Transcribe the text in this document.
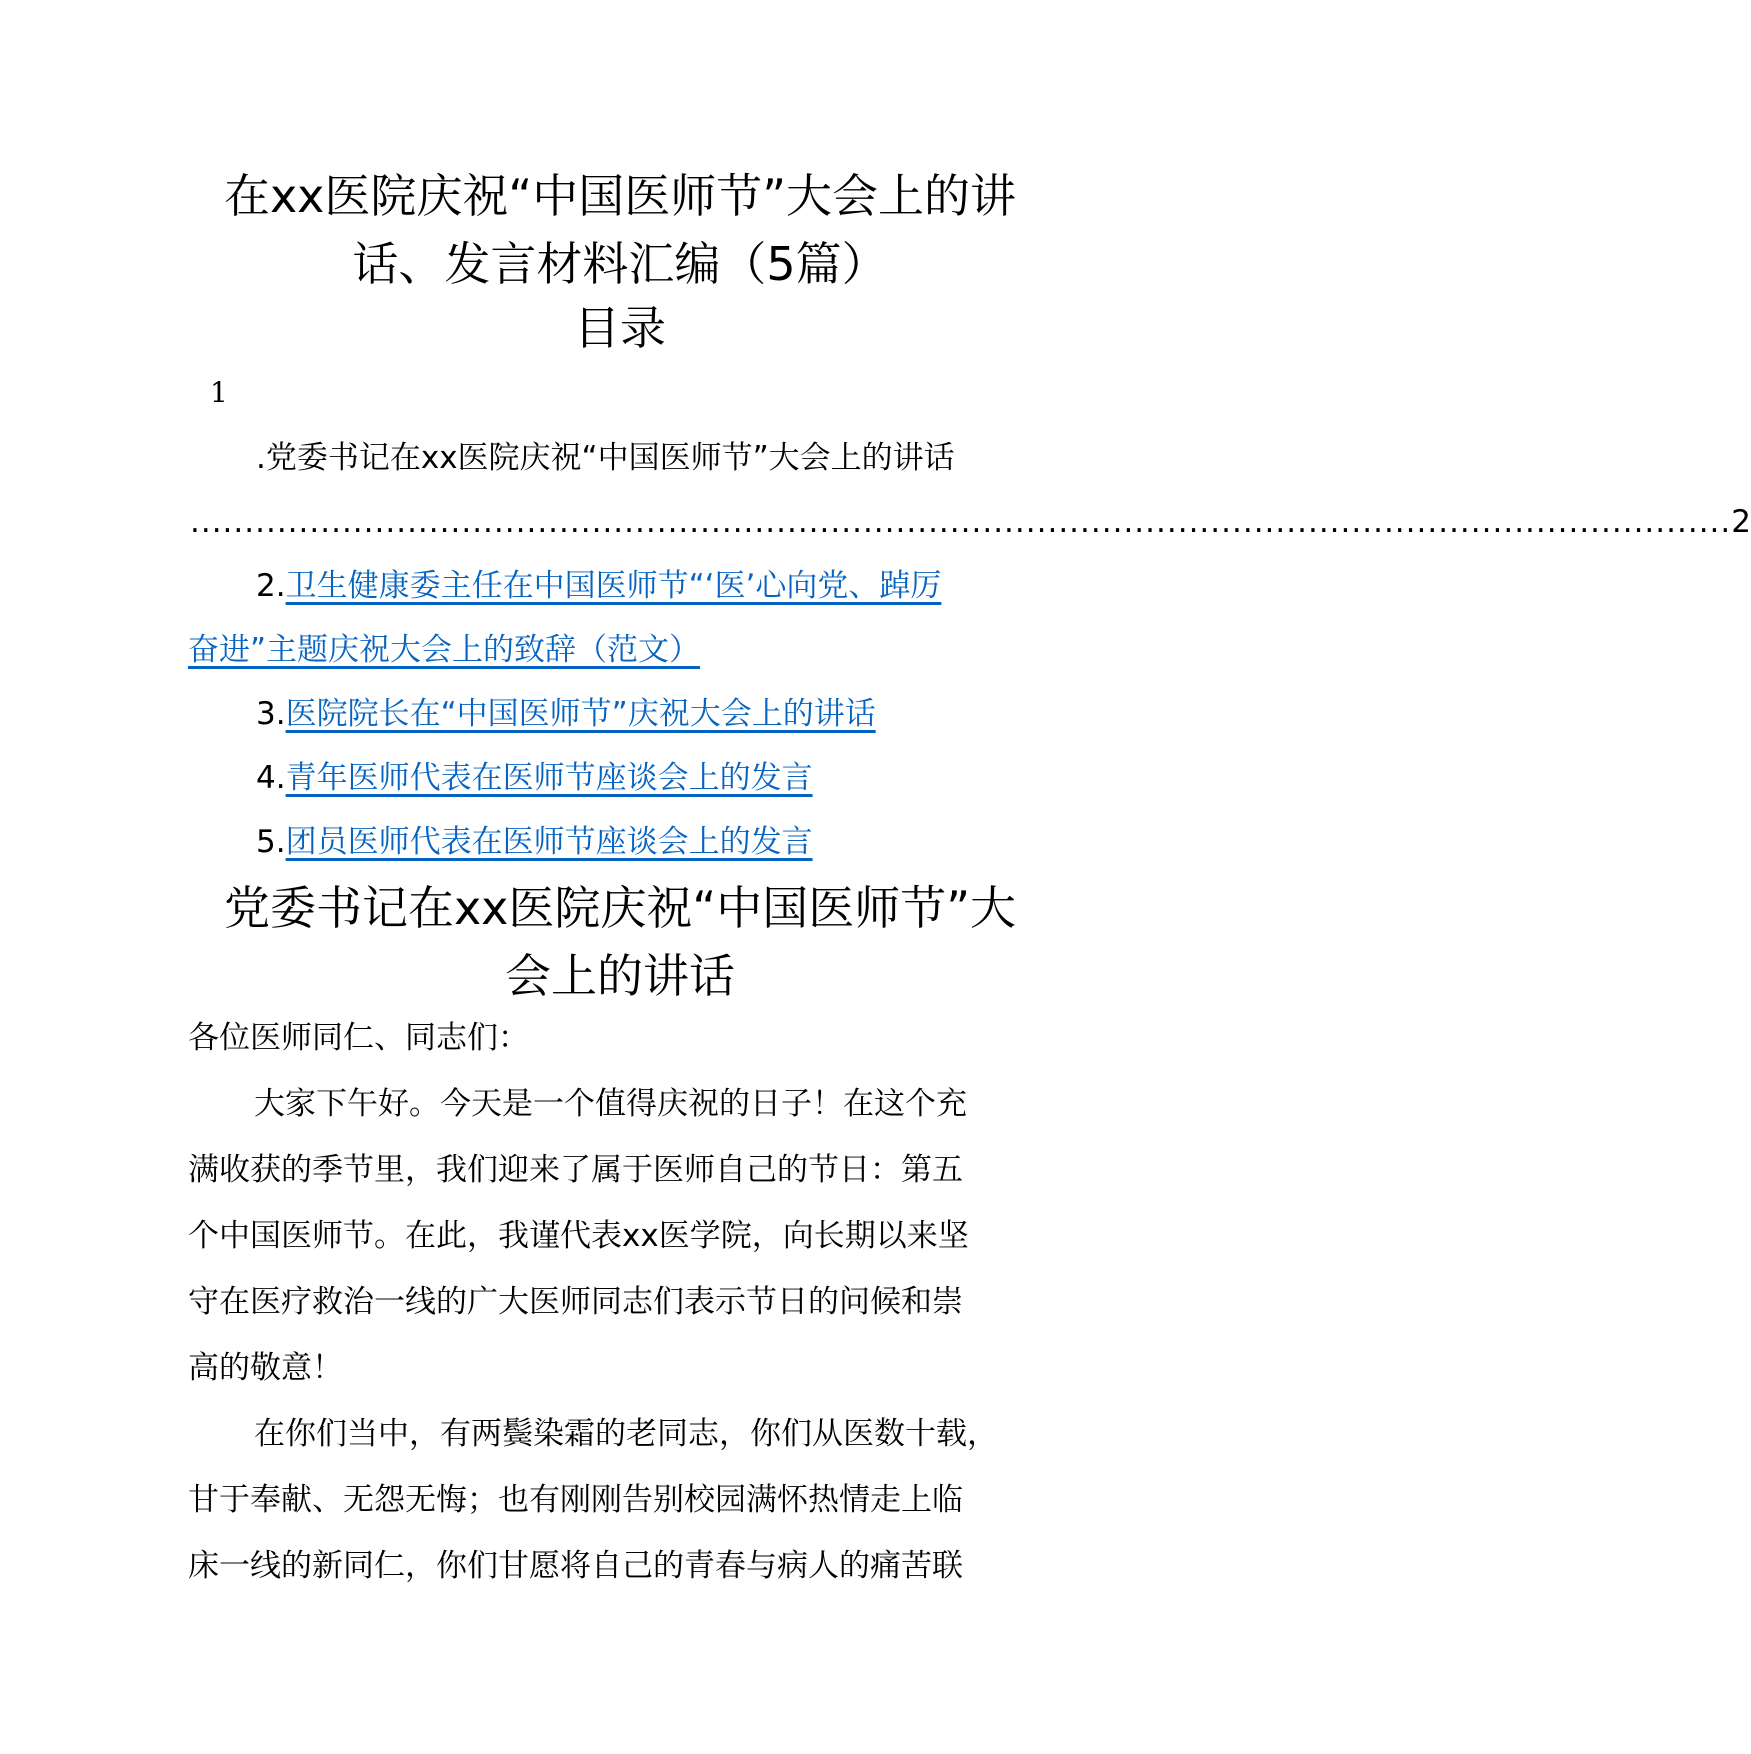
在xx医院庆祝“中国医师节”大会上的讲
话、发言材料汇编（5篇）
目录
1
.党委书记在xx医院庆祝“中国医师节”大会上的讲话
.............................................................................................................................................. 2
2.卫生健康委主任在中国医师节“‘医’心向党、踔厉
奋进”主题庆祝大会上的致辞（范文）
3.医院院长在“中国医师节”庆祝大会上的讲话
4.青年医师代表在医师节座谈会上的发言
5.团员医师代表在医师节座谈会上的发言
党委书记在xx医院庆祝“中国医师节”大
会上的讲话
各位医师同仁、同志们：
大家下午好。今天是一个值得庆祝的日子！在这个充
满收获的季节里，我们迎来了属于医师自己的节日：第五
个中国医师节。在此，我谨代表xx医学院，向长期以来坚
守在医疗救治一线的广大医师同志们表示节日的问候和崇
高的敬意！
在你们当中，有两鬓染霜的老同志，你们从医数十载，
甘于奉献、无怨无悔；也有刚刚告别校园满怀热情走上临
床一线的新同仁，你们甘愿将自己的青春与病人的痛苦联
